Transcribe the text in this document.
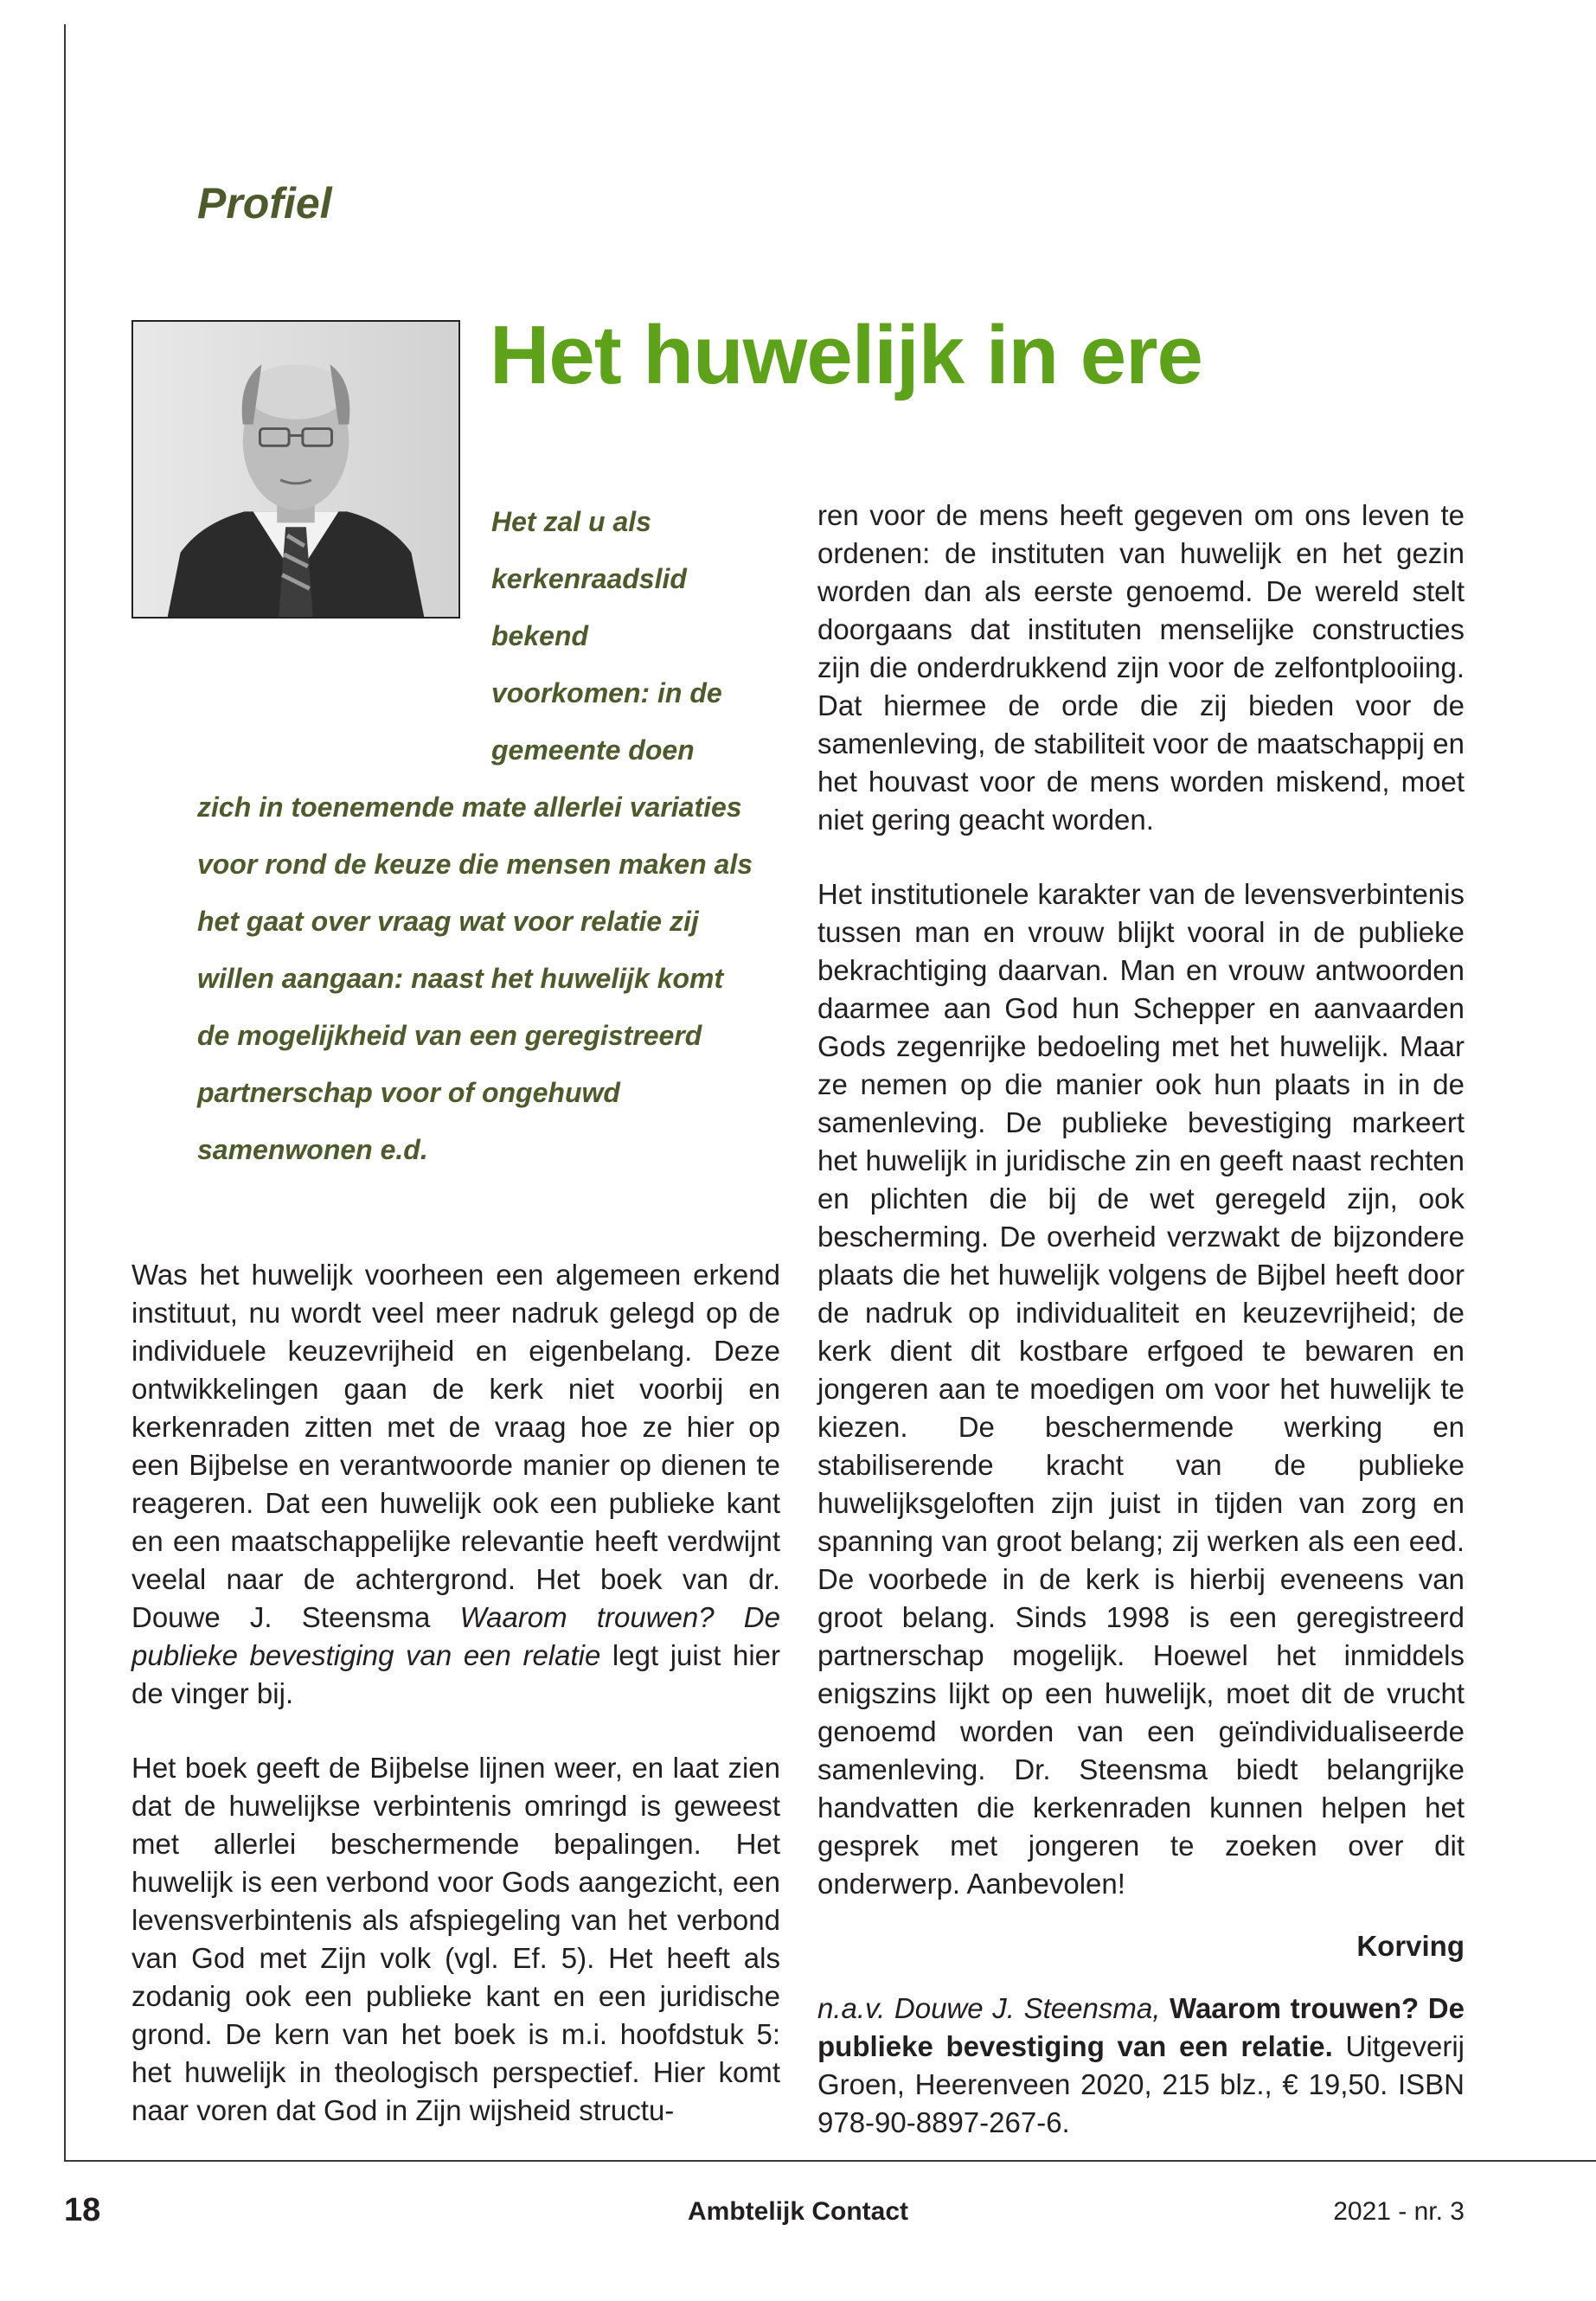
Profiel
Het huwelijk in ere
Het zal u als
kerkenraadslid
bekend
voorkomen: in de
gemeente doen
zich in toenemende mate allerlei variaties
voor rond de keuze die mensen maken als
het gaat over vraag wat voor relatie zij
willen aangaan: naast het huwelijk komt
de mogelijkheid van een geregistreerd
partnerschap voor of ongehuwd
samenwonen e.d.

Was het huwelijk voorheen een algemeen erkend instituut, nu wordt veel meer nadruk gelegd op de individuele keuzevrijheid en eigenbelang. Deze ontwikkelingen gaan de kerk niet voorbij en kerkenraden zitten met de vraag hoe ze hier op een Bijbelse en verantwoorde manier op dienen te reageren. Dat een huwelijk ook een publieke kant en een maatschappelijke relevantie heeft verdwijnt veelal naar de achtergrond. Het boek van dr. Douwe J. Steensma Waarom trouwen? De publieke bevestiging van een relatie legt juist hier de vinger bij.

Het boek geeft de Bijbelse lijnen weer, en laat zien dat de huwelijkse verbintenis omringd is geweest met allerlei beschermende bepalingen. Het huwelijk is een verbond voor Gods aangezicht, een levensverbintenis als afspiegeling van het verbond van God met Zijn volk (vgl. Ef. 5). Het heeft als zodanig ook een publieke kant en een juridische grond. De kern van het boek is m.i. hoofdstuk 5: het huwelijk in theologisch perspectief. Hier komt naar voren dat God in Zijn wijsheid structu-

ren voor de mens heeft gegeven om ons leven te ordenen: de instituten van huwelijk en het gezin worden dan als eerste genoemd. De wereld stelt doorgaans dat instituten menselijke constructies zijn die onderdrukkend zijn voor de zelfontplooiing. Dat hiermee de orde die zij bieden voor de samenleving, de stabiliteit voor de maatschappij en het houvast voor de mens worden miskend, moet niet gering geacht worden.

Het institutionele karakter van de levensverbintenis tussen man en vrouw blijkt vooral in de publieke bekrachtiging daarvan. Man en vrouw antwoorden daarmee aan God hun Schepper en aanvaarden Gods zegenrijke bedoeling met het huwelijk. Maar ze nemen op die manier ook hun plaats in in de samenleving. De publieke bevestiging markeert het huwelijk in juridische zin en geeft naast rechten en plichten die bij de wet geregeld zijn, ook bescherming. De overheid verzwakt de bijzondere plaats die het huwelijk volgens de Bijbel heeft door de nadruk op individualiteit en keuzevrijheid; de kerk dient dit kostbare erfgoed te bewaren en jongeren aan te moedigen om voor het huwelijk te kiezen. De beschermende werking en stabiliserende kracht van de publieke huwelijksgeloften zijn juist in tijden van zorg en spanning van groot belang; zij werken als een eed. De voorbede in de kerk is hierbij eveneens van groot belang. Sinds 1998 is een geregistreerd partnerschap mogelijk. Hoewel het inmiddels enigszins lijkt op een huwelijk, moet dit de vrucht genoemd worden van een geïndividualiseerde samenleving. Dr. Steensma biedt belangrijke handvatten die kerkenraden kunnen helpen het gesprek met jongeren te zoeken over dit onderwerp. Aanbevolen!

Korving
n.a.v. Douwe J. Steensma, Waarom trouwen? De publieke bevestiging van een relatie. Uitgeverij Groen, Heerenveen 2020, 215 blz., € 19,50. ISBN 978-90-8897-267-6.
18	Ambtelijk Contact	2021 - nr. 3
